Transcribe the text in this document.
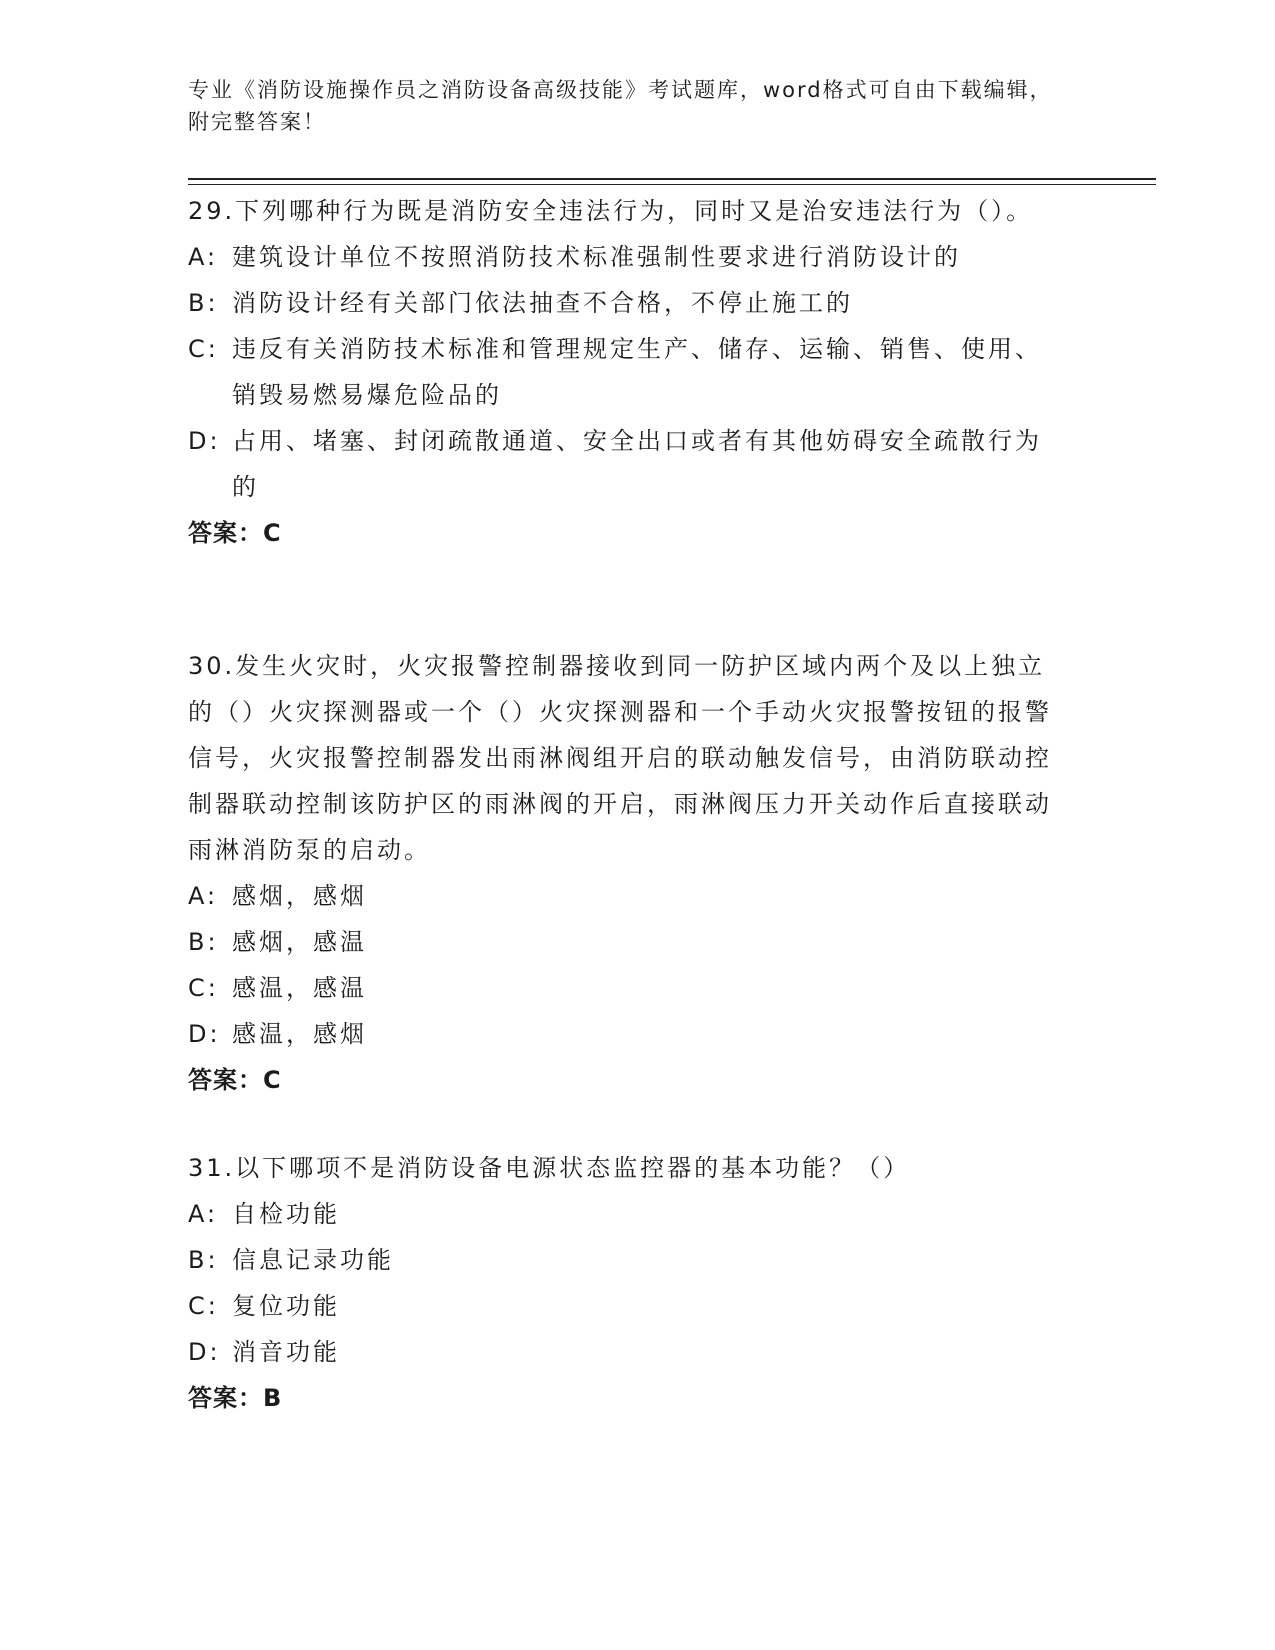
专业《消防设施操作员之消防设备高级技能》考试题库，word格式可自由下载编辑，附完整答案！

29.下列哪种行为既是消防安全违法行为，同时又是治安违法行为（）。

A: 建筑设计单位不按照消防技术标准强制性要求进行消防设计的

B: 消防设计经有关部门依法抽查不合格，不停止施工的

C: 违反有关消防技术标准和管理规定生产、储存、运输、销售、使用、销毁易燃易爆危险品的

D: 占用、堵塞、封闭疏散通道、安全出口或者有其他妨碍安全疏散行为的

答案：C

30.发生火灾时，火灾报警控制器接收到同一防护区域内两个及以上独立的（）火灾探测器或一个（）火灾探测器和一个手动火灾报警按钮的报警信号，火灾报警控制器发出雨淋阀组开启的联动触发信号，由消防联动控制器联动控制该防护区的雨淋阀的开启，雨淋阀压力开关动作后直接联动雨淋消防泵的启动。

A: 感烟，感烟

B: 感烟，感温

C: 感温，感温

D: 感温，感烟

答案：C

31.以下哪项不是消防设备电源状态监控器的基本功能？（）

A: 自检功能

B: 信息记录功能

C: 复位功能

D: 消音功能

答案：B
